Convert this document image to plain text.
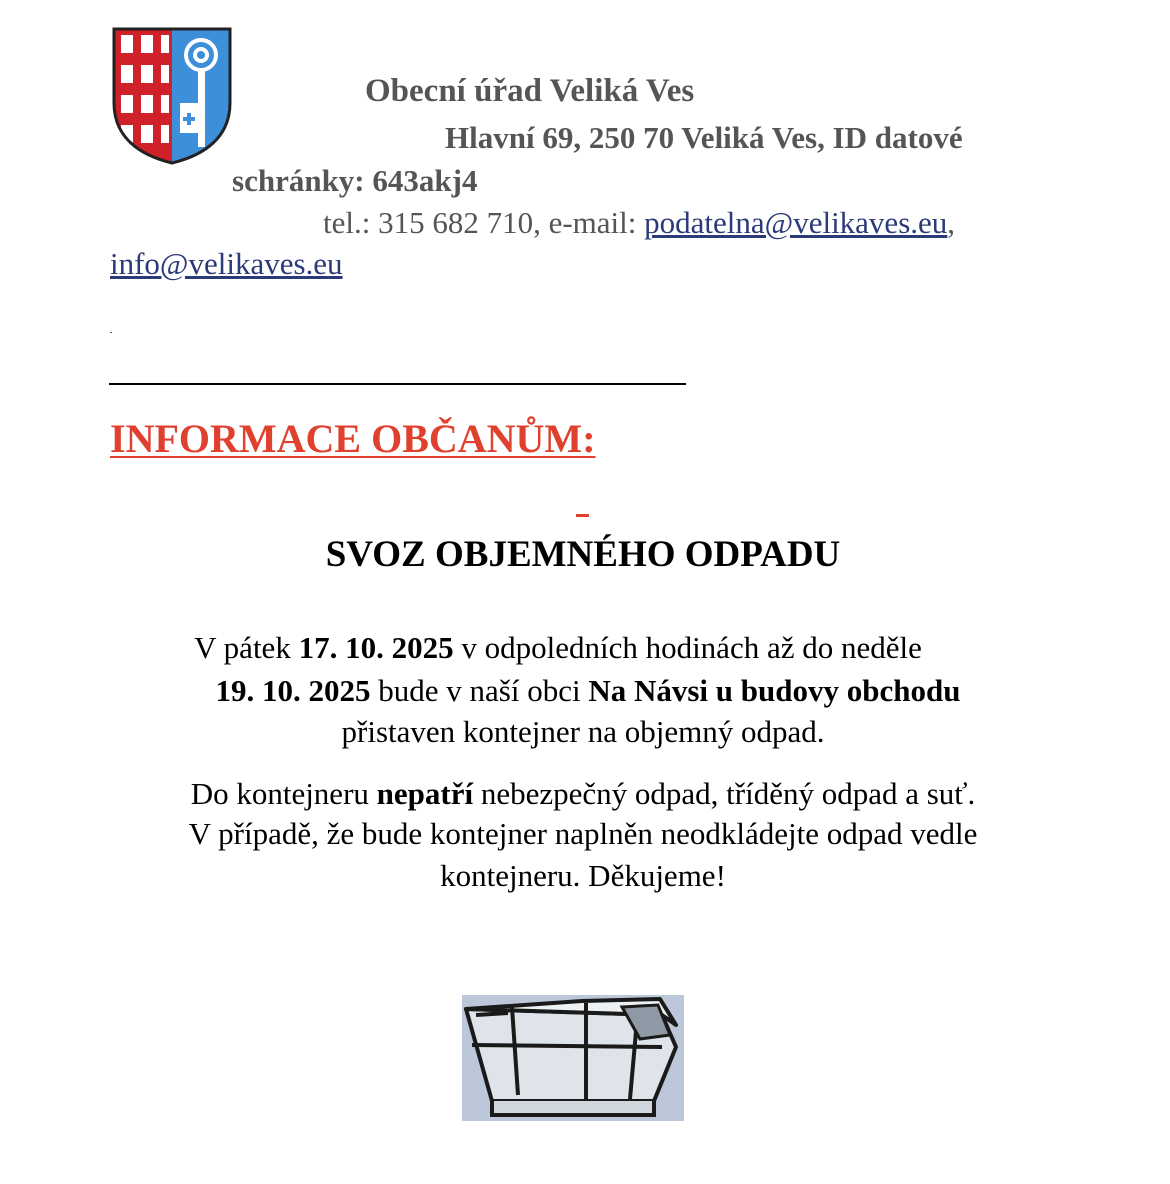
Obecní úřad Veliká Ves
Hlavní 69, 250 70 Veliká Ves, ID datové
schránky: 643akj4
tel.: 315 682 710, e-mail: podatelna@velikaves.eu,
info@velikaves.eu
INFORMACE OBČANŮM:
SVOZ OBJEMNÉHO ODPADU
V pátek 17. 10. 2025 v odpoledních hodinách až do neděle
19. 10. 2025 bude v naší obci Na Návsi u budovy obchodu
přistaven kontejner na objemný odpad.
Do kontejneru nepatří nebezpečný odpad, tříděný odpad a suť.
V případě, že bude kontejner naplněn neodkládejte odpad vedle
kontejneru. Děkujeme!
